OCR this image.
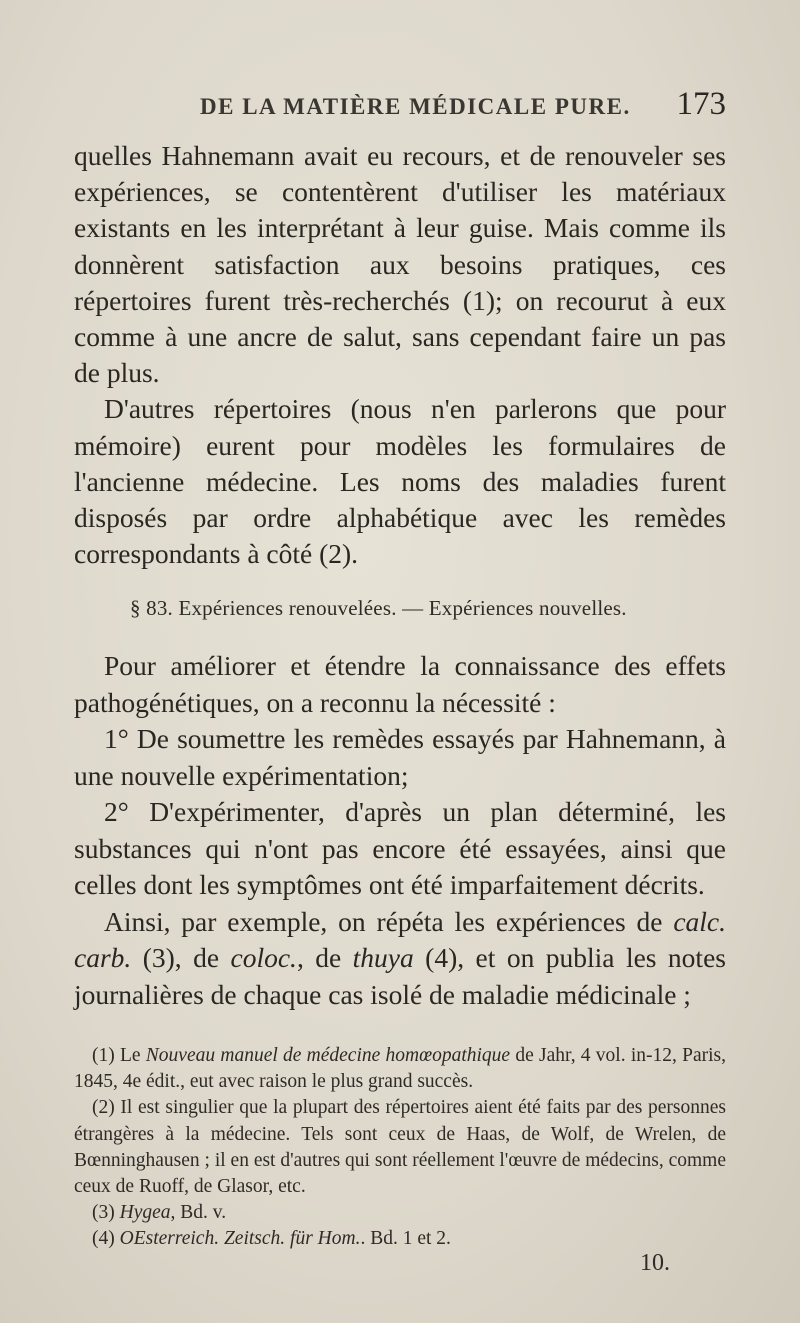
DE LA MATIÈRE MÉDICALE PURE. 173

quelles Hahnemann avait eu recours, et de renouveler ses expériences, se contentèrent d'utiliser les matériaux existants en les interprétant à leur guise. Mais comme ils donnèrent satisfaction aux besoins pratiques, ces répertoires furent très-recherchés (1); on recourut à eux comme à une ancre de salut, sans cependant faire un pas de plus.

D'autres répertoires (nous n'en parlerons que pour mémoire) eurent pour modèles les formulaires de l'ancienne médecine. Les noms des maladies furent disposés par ordre alphabétique avec les remèdes correspondants à côté (2).

§ 83. Expériences renouvelées. — Expériences nouvelles.

Pour améliorer et étendre la connaissance des effets pathogénétiques, on a reconnu la nécessité :

1° De soumettre les remèdes essayés par Hahnemann, à une nouvelle expérimentation;

2° D'expérimenter, d'après un plan déterminé, les substances qui n'ont pas encore été essayées, ainsi que celles dont les symptômes ont été imparfaitement décrits.

Ainsi, par exemple, on répéta les expériences de calc. carb. (3), de coloc., de thuya (4), et on publia les notes journalières de chaque cas isolé de maladie médicinale ;

(1) Le Nouveau manuel de médecine homœopathique de Jahr, 4 vol. in-12, Paris, 1845, 4e édit., eut avec raison le plus grand succès.

(2) Il est singulier que la plupart des répertoires aient été faits par des personnes étrangères à la médecine. Tels sont ceux de Haas, de Wolf, de Wrelen, de Bœnninghausen ; il en est d'autres qui sont réellement l'œuvre de médecins, comme ceux de Ruoff, de Glasor, etc.

(3) Hygea, Bd. v.

(4) OEsterreich. Zeitsch. für Hom.. Bd. 1 et 2.

10.
